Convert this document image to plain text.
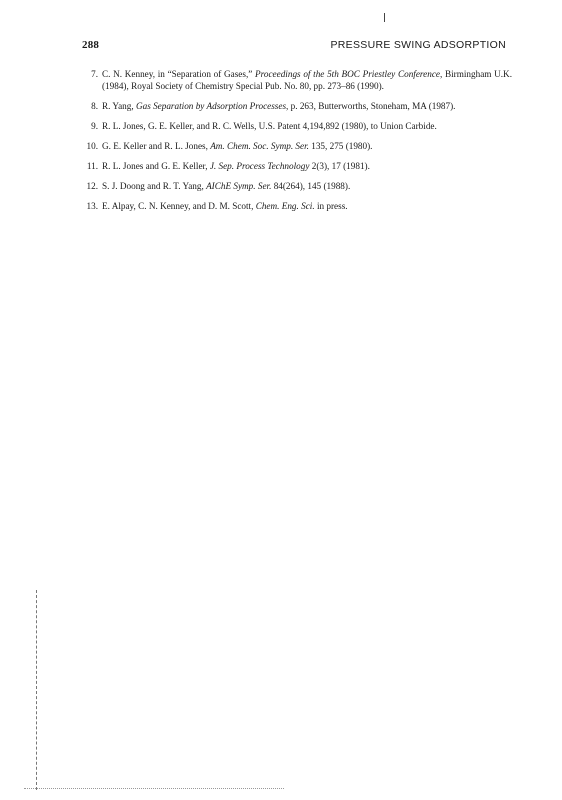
288	PRESSURE SWING ADSORPTION
7. C. N. Kenney, in “Separation of Gases,” Proceedings of the 5th BOC Priestley Conference, Birmingham U.K. (1984), Royal Society of Chemistry Special Pub. No. 80, pp. 273–86 (1990).
8. R. Yang, Gas Separation by Adsorption Processes, p. 263, Butterworths, Stoneham, MA (1987).
9. R. L. Jones, G. E. Keller, and R. C. Wells, U.S. Patent 4,194,892 (1980), to Union Carbide.
10. G. E. Keller and R. L. Jones, Am. Chem. Soc. Symp. Ser. 135, 275 (1980).
11. R. L. Jones and G. E. Keller, J. Sep. Process Technology 2(3), 17 (1981).
12. S. J. Doong and R. T. Yang, AIChE Symp. Ser. 84(264), 145 (1988).
13. E. Alpay, C. N. Kenney, and D. M. Scott, Chem. Eng. Sci. in press.
